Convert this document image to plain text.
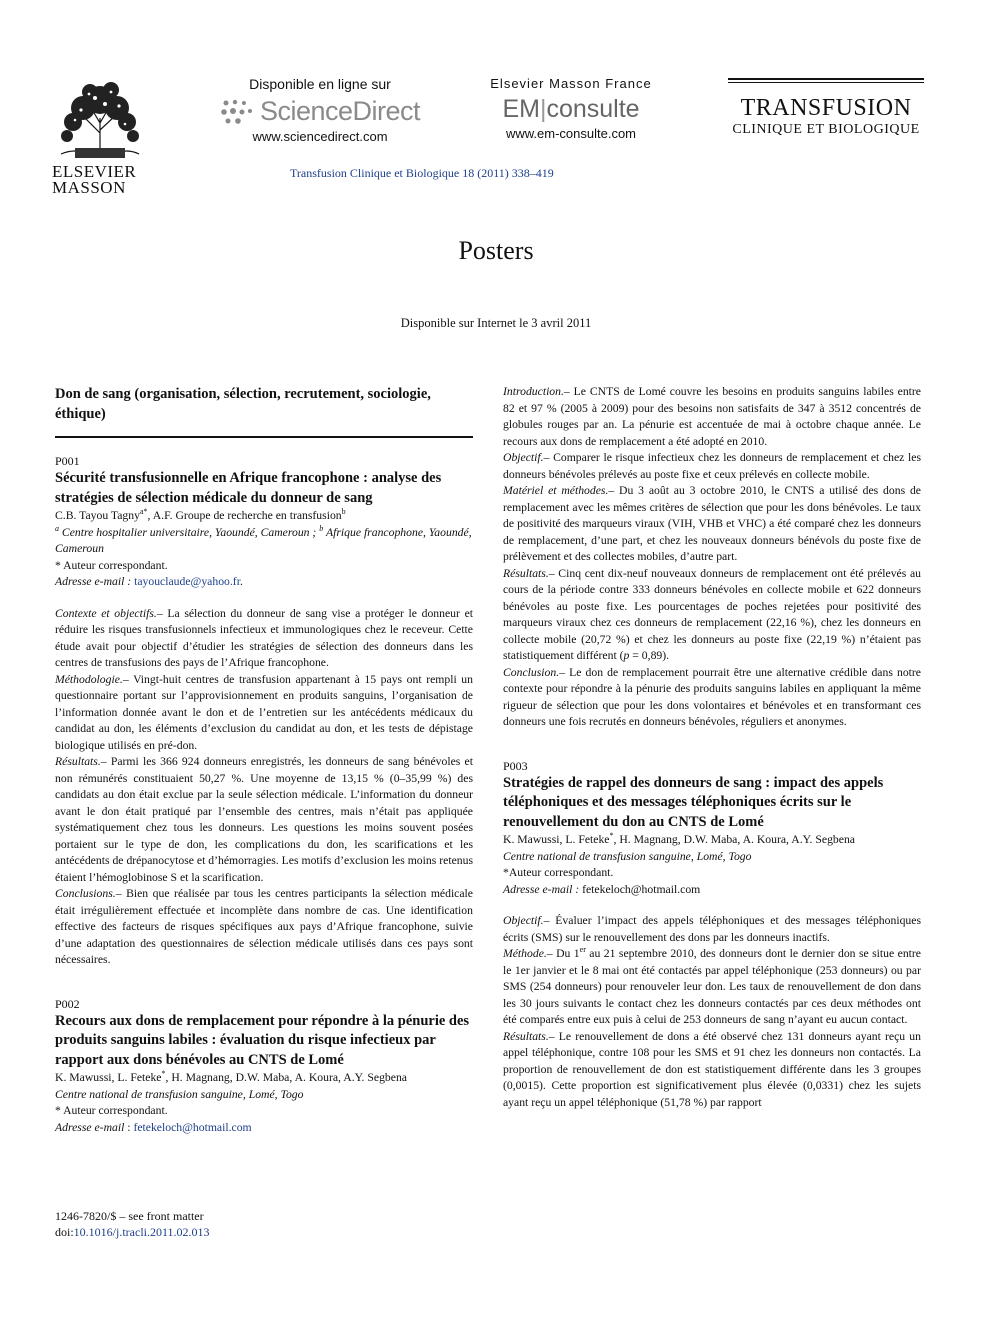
ELSEVIER
MASSON
Disponible en ligne sur
ScienceDirect
www.sciencedirect.com
Elsevier Masson France
EM|consulte
www.em-consulte.com
TRANSFUSION
CLINIQUE ET BIOLOGIQUE
Transfusion Clinique et Biologique 18 (2011) 338–419
Posters
Disponible sur Internet le 3 avril 2011
Don de sang (organisation, sélection, recrutement, sociologie, éthique)
P001
Sécurité transfusionnelle en Afrique francophone : analyse des stratégies de sélection médicale du donneur de sang
C.B. Tayou Tagny$^{a*}$, A.F. Groupe de recherche en transfusion$^b$
$^a$ Centre hospitalier universitaire, Yaoundé, Cameroun ; $^b$ Afrique francophone, Yaoundé, Cameroun
* Auteur correspondant.
Adresse e-mail : tayouclaude@yahoo.fr.

Contexte et objectifs.– La sélection du donneur de sang vise a protéger le donneur et réduire les risques transfusionnels infectieux et immunologiques chez le receveur. Cette étude avait pour objectif d’étudier les stratégies de sélection des donneurs dans les centres de transfusions des pays de l’Afrique francophone.

Méthodologie.– Vingt-huit centres de transfusion appartenant à 15 pays ont rempli un questionnaire portant sur l’approvisionnement en produits sanguins, l’organisation de l’information donnée avant le don et de l’entretien sur les antécédents médicaux du candidat au don, les éléments d’exclusion du candidat au don, et les tests de dépistage biologique utilisés en pré-don.

Résultats.– Parmi les 366 924 donneurs enregistrés, les donneurs de sang bénévoles et non rémunérés constituaient 50,27 %. Une moyenne de 13,15 % (0–35,99 %) des candidats au don était exclue par la seule sélection médicale. L’information du donneur avant le don était pratiqué par l’ensemble des centres, mais n’était pas appliquée systématiquement chez tous les donneurs. Les questions les moins souvent posées portaient sur le type de don, les complications du don, les scarifications et les antécédents de drépanocytose et d’hémorragies. Les motifs d’exclusion les moins retenus étaient l’hémoglobinose S et la scarification.

Conclusions.– Bien que réalisée par tous les centres participants la sélection médicale était irrégulièrement effectuée et incomplète dans nombre de cas. Une identification effective des facteurs de risques spécifiques aux pays d’Afrique francophone, suivie d’une adaptation des questionnaires de sélection médicale utilisés dans ces pays sont nécessaires.

P002
Recours aux dons de remplacement pour répondre à la pénurie des produits sanguins labiles : évaluation du risque infectieux par rapport aux dons bénévoles au CNTS de Lomé
K. Mawussi, L. Feteke*, H. Magnang, D.W. Maba, A. Koura, A.Y. Segbena
Centre national de transfusion sanguine, Lomé, Togo
* Auteur correspondant.
Adresse e-mail : fetekeloch@hotmail.com

Introduction.– Le CNTS de Lomé couvre les besoins en produits sanguins labiles entre 82 et 97 % (2005 à 2009) pour des besoins non satisfaits de 347 à 3512 concentrés de globules rouges par an. La pénurie est accentuée de mai à octobre chaque année. Le recours aux dons de remplacement a été adopté en 2010.

Objectif.– Comparer le risque infectieux chez les donneurs de remplacement et chez les donneurs bénévoles prélevés au poste fixe et ceux prélevés en collecte mobile.

Matériel et méthodes.– Du 3 août au 3 octobre 2010, le CNTS a utilisé des dons de remplacement avec les mêmes critères de sélection que pour les dons bénévoles. Le taux de positivité des marqueurs viraux (VIH, VHB et VHC) a été comparé chez les donneurs de remplacement, d’une part, et chez les nouveaux donneurs bénévols du poste fixe de prélèvement et des collectes mobiles, d’autre part.

Résultats.– Cinq cent dix-neuf nouveaux donneurs de remplacement ont été prélevés au cours de la période contre 333 donneurs bénévoles en collecte mobile et 622 donneurs bénévoles au poste fixe. Les pourcentages de poches rejetées pour positivité des marqueurs viraux chez ces donneurs de remplacement (22,16 %), chez les donneurs en collecte mobile (20,72 %) et chez les donneurs au poste fixe (22,19 %) n’étaient pas statistiquement différent (p = 0,89).

Conclusion.– Le don de remplacement pourrait être une alternative crédible dans notre contexte pour répondre à la pénurie des produits sanguins labiles en appliquant la même rigueur de sélection que pour les dons volontaires et bénévoles et en transformant ces donneurs une fois recrutés en donneurs bénévoles, réguliers et anonymes.

P003
Stratégies de rappel des donneurs de sang : impact des appels téléphoniques et des messages téléphoniques écrits sur le renouvellement du don au CNTS de Lomé
K. Mawussi, L. Feteke*, H. Magnang, D.W. Maba, A. Koura, A.Y. Segbena
Centre national de transfusion sanguine, Lomé, Togo
*Auteur correspondant.
Adresse e-mail : fetekeloch@hotmail.com

Objectif.– Évaluer l’impact des appels téléphoniques et des messages téléphoniques écrits (SMS) sur le renouvellement des dons par les donneurs inactifs.

Méthode.– Du 1er au 21 septembre 2010, des donneurs dont le dernier don se situe entre le 1er janvier et le 8 mai ont été contactés par appel téléphonique (253 donneurs) ou par SMS (254 donneurs) pour renouveler leur don. Les taux de renouvellement de don dans les 30 jours suivants le contact chez les donneurs contactés par ces deux méthodes ont été comparés entre eux puis à celui de 253 donneurs de sang n’ayant eu aucun contact.

Résultats.– Le renouvellement de dons a été observé chez 131 donneurs ayant reçu un appel téléphonique, contre 108 pour les SMS et 91 chez les donneurs non contactés. La proportion de renouvellement de don est statistiquement différente dans les 3 groupes (0,0015). Cette proportion est significativement plus élevée (0,0331) chez les sujets ayant reçu un appel téléphonique (51,78 %) par rapport

1246-7820/$ – see front matter
doi:10.1016/j.tracli.2011.02.013
